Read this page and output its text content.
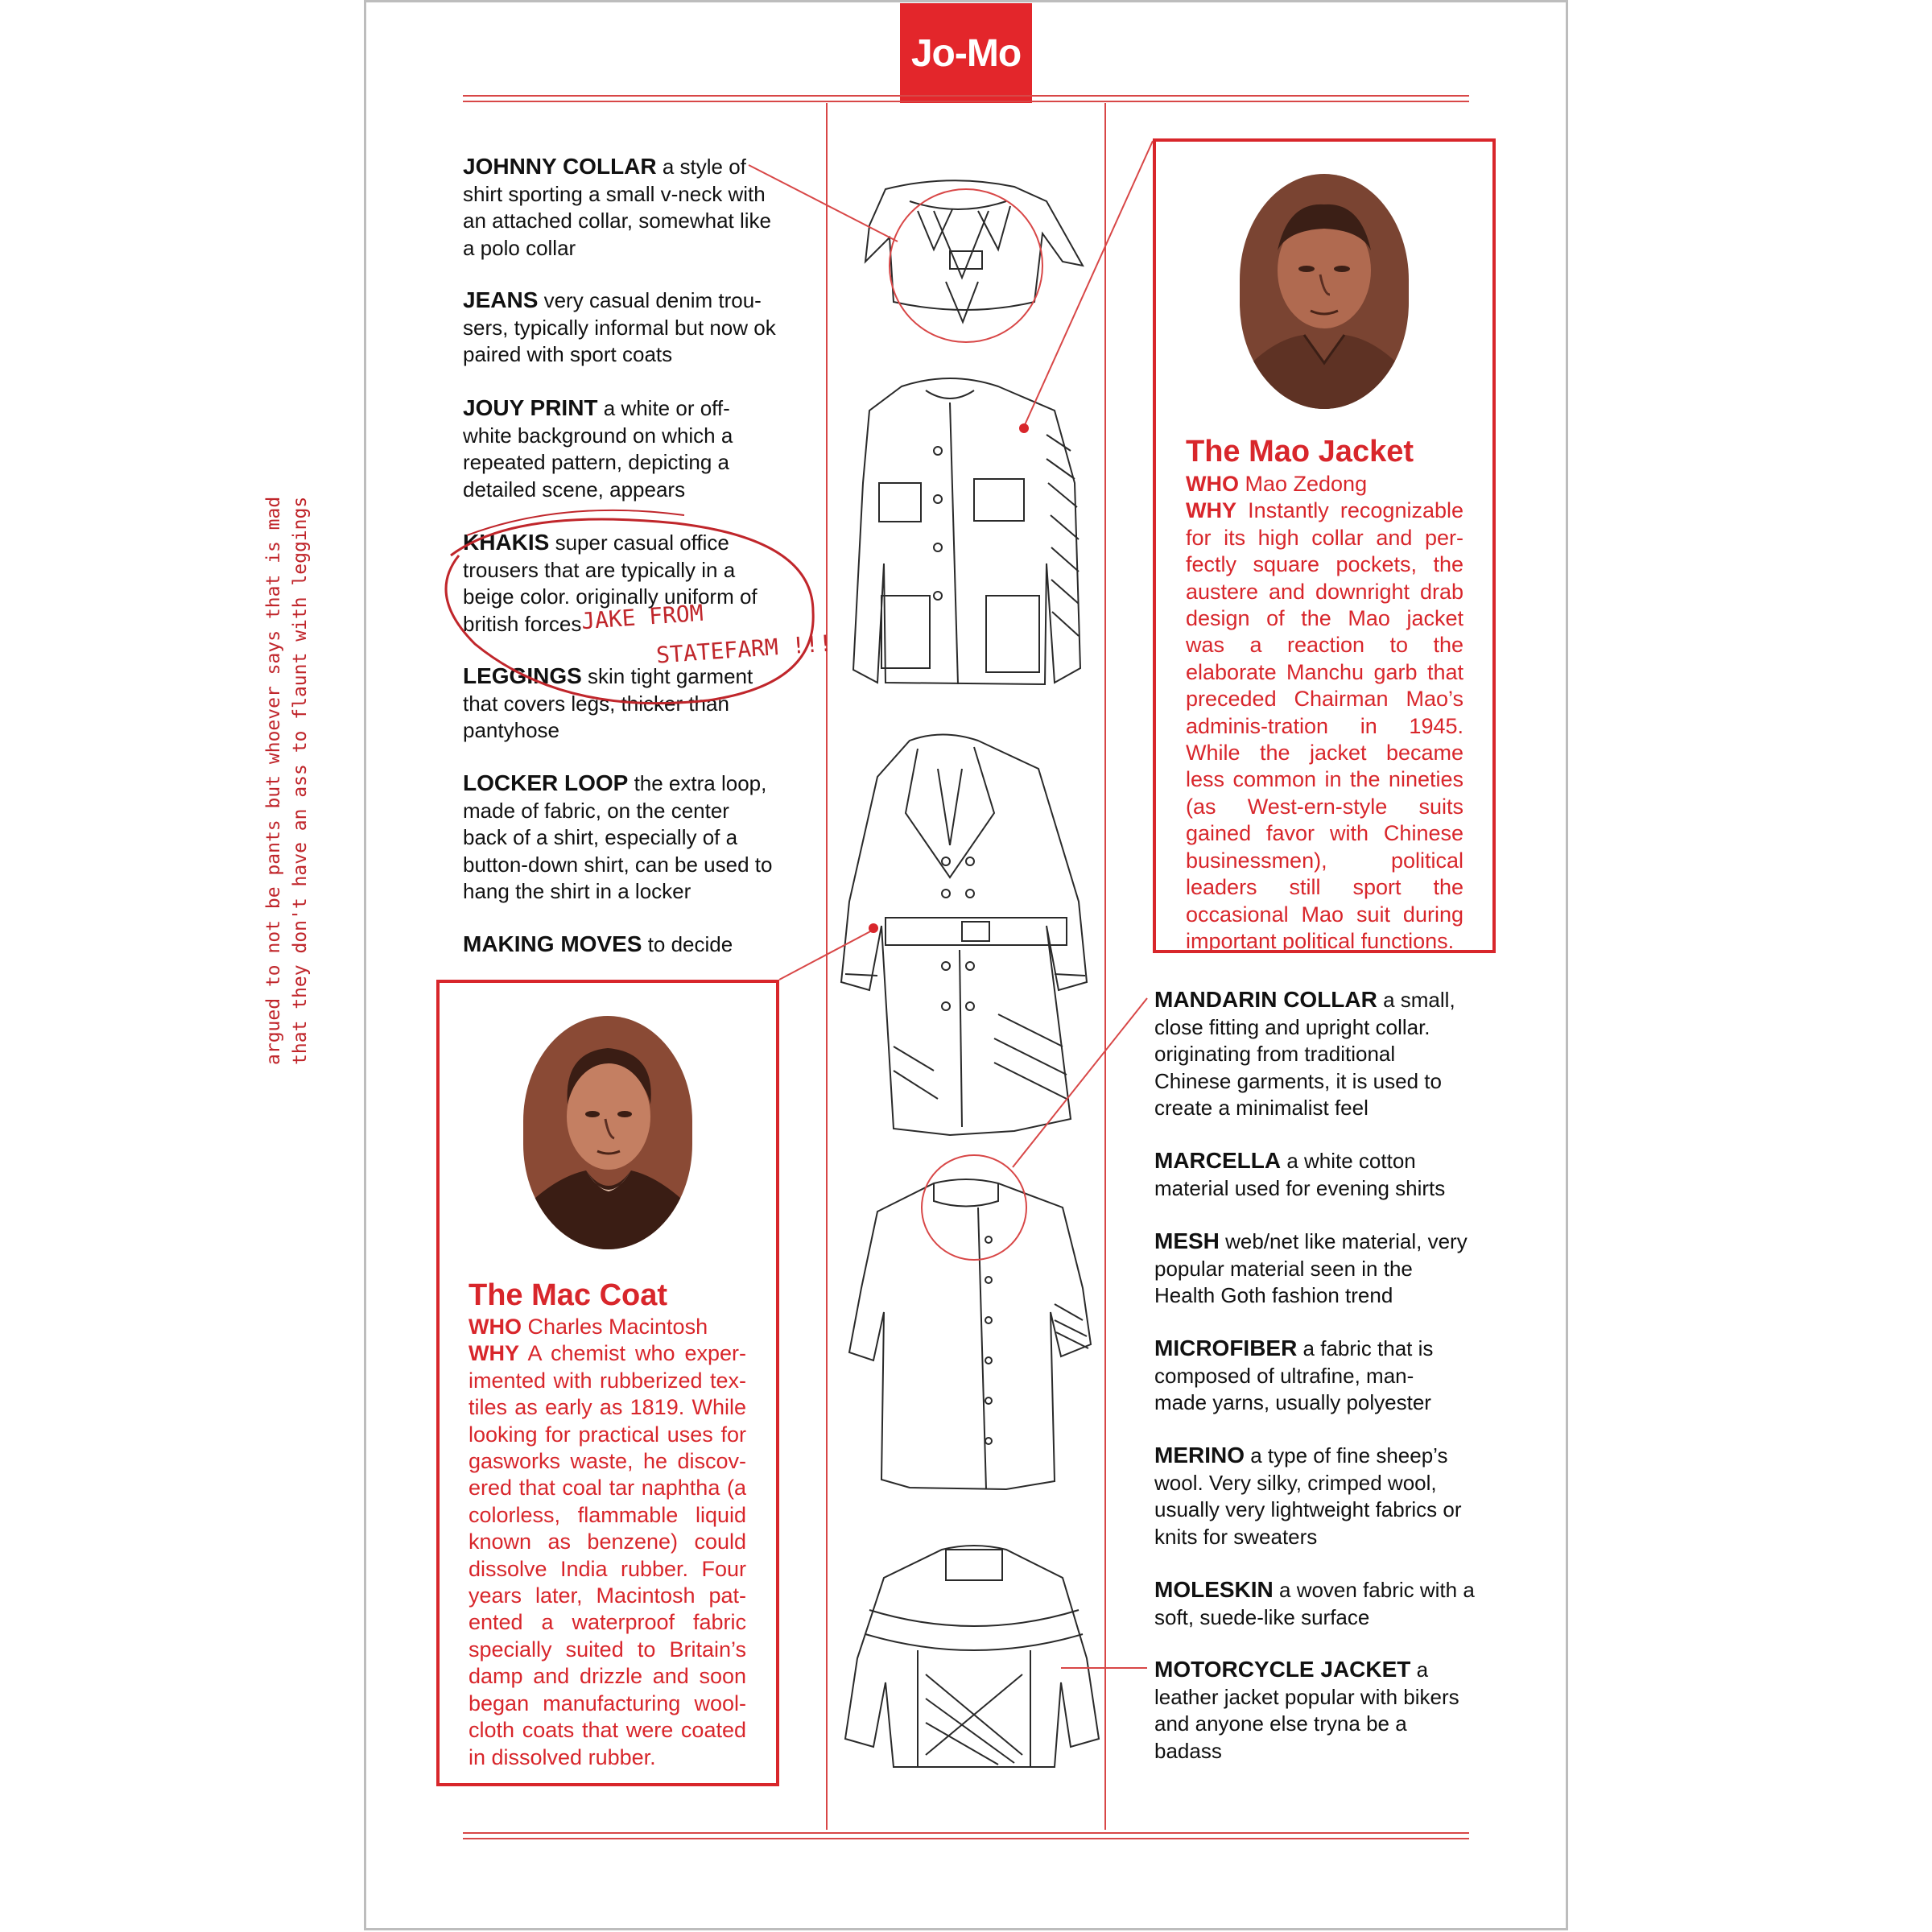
Jo-Mo
JOHNNY COLLAR a style of shirt sporting a small v-neck with an attached collar, somewhat like a polo collar
JEANS very casual denim trou-sers, typically informal but now ok paired with sport coats
JOUY PRINT a white or off-white background on which a repeated pattern, depicting a detailed scene, appears
KHAKIS super casual office trousers that are typically in a beige color. originally uniform of british forces
LEGGINGS skin tight garment that covers legs, thicker than pantyhose
LOCKER LOOP the extra loop, made of fabric, on the center back of a shirt, especially of a button-down shirt, can be used to hang the shirt in a locker
MAKING MOVES to decide
MANDARIN COLLAR a small, close fitting and upright collar. originating from traditional Chinese garments, it is used to create a minimalist feel
MARCELLA a white cotton material used for evening shirts
MESH web/net like material, very popular material seen in the Health Goth fashion trend
MICROFIBER a fabric that is composed of ultrafine, man-made yarns, usually polyester
MERINO a type of fine sheep’s wool. Very silky, crimped wool, usually very lightweight fabrics or knits for sweaters
MOLESKIN a woven fabric with a soft, suede-like surface
MOTORCYCLE JACKET a leather jacket popular with bikers and anyone else tryna be a badass
The Mao Jacket
WHO Mao Zedong
WHY Instantly recognizable for its high collar and per-fectly square pockets, the austere and downright drab design of the Mao jacket was a reaction to the elaborate Manchu garb that preceded Chairman Mao’s adminis-tration in 1945. While the jacket became less common in the nineties (as West-ern-style suits gained favor with Chinese businessmen), political leaders still sport the occasional Mao suit during important political functions.
The Mac Coat
WHO Charles Macintosh
WHY A chemist who exper-imented with rubberized tex-tiles as early as 1819. While looking for practical uses for gasworks waste, he discov-ered that coal tar naphtha (a colorless, flammable liquid known as benzene) could dissolve India rubber. Four years later, Macintosh pat-ented a waterproof fabric specially suited to Britain’s damp and drizzle and soon began manufacturing wool-cloth coats that were coated in dissolved rubber.
JAKE FROM
STATEFARM !!!
argued to not be pants but whoever says that is mad that they don't have an ass to flaunt with leggings
